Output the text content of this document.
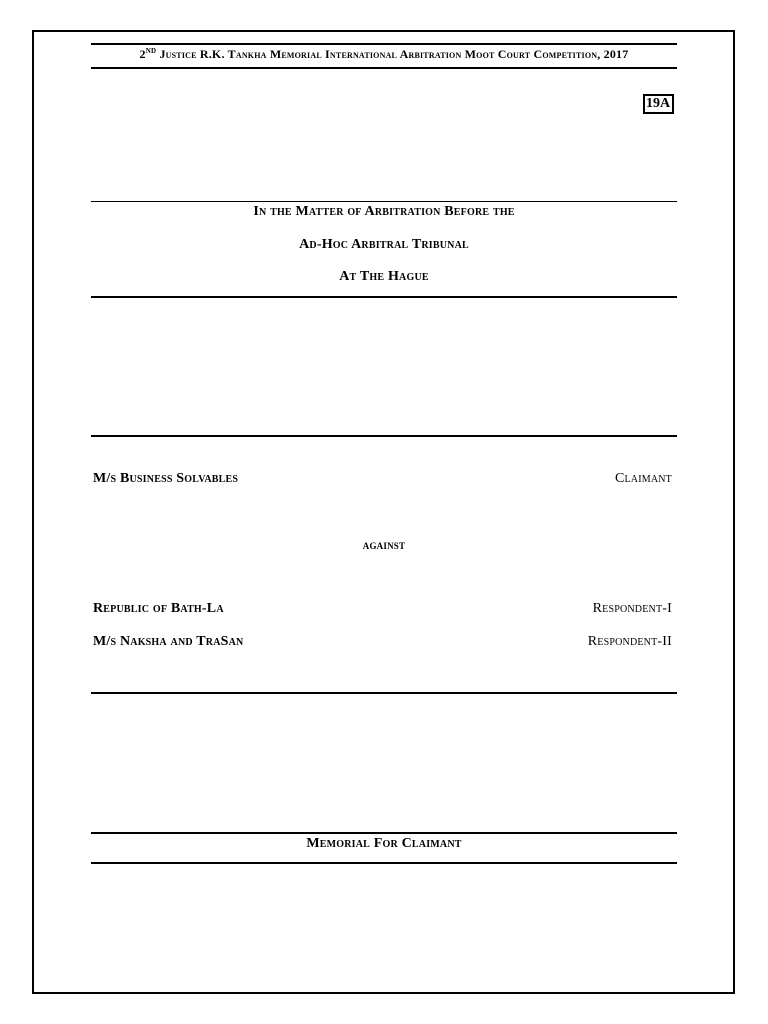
2ND Justice R.K. Tankha Memorial International Arbitration Moot Court Competition, 2017
19A
In the Matter of Arbitration Before the
Ad-Hoc Arbitral Tribunal
At The Hague
M/s Business Solvables	Claimant
against
Republic of Bath-La	Respondent-I
M/s Naksha and TraSan	Respondent-II
Memorial For Claimant
